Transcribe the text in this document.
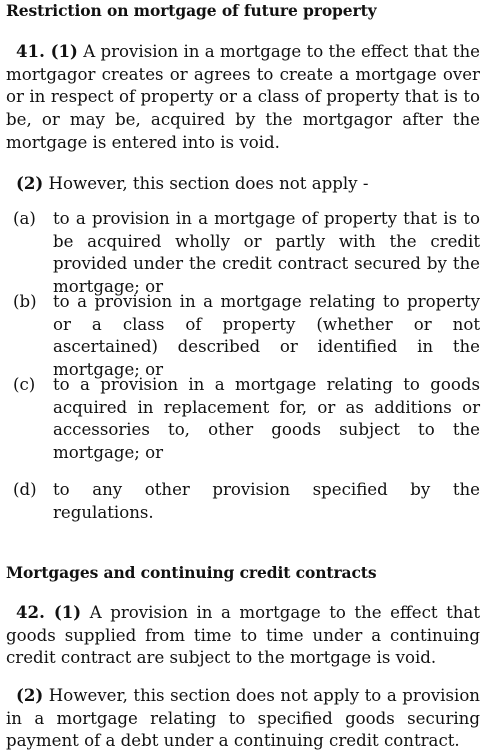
Restriction on mortgage of future property

41. (1) A provision in a mortgage to the effect that the mortgagor creates or agrees to create a mortgage over or in respect of property or a class of property that is to be, or may be, acquired by the mortgagor after the mortgage is entered into is void.

(2) However, this section does not apply -

(a) to a provision in a mortgage of property that is to be acquired wholly or partly with the credit provided under the credit contract secured by the mortgage; or

(b) to a provision in a mortgage relating to property or a class of property (whether or not ascertained) described or identified in the mortgage; or

(c) to a provision in a mortgage relating to goods acquired in replacement for, or as additions or accessories to, other goods subject to the mortgage; or

(d) to any other provision specified by the regulations.

Mortgages and continuing credit contracts

42. (1) A provision in a mortgage to the effect that goods supplied from time to time under a continuing credit contract are subject to the mortgage is void.

(2) However, this section does not apply to a provision in a mortgage relating to specified goods securing payment of a debt under a continuing credit contract.
